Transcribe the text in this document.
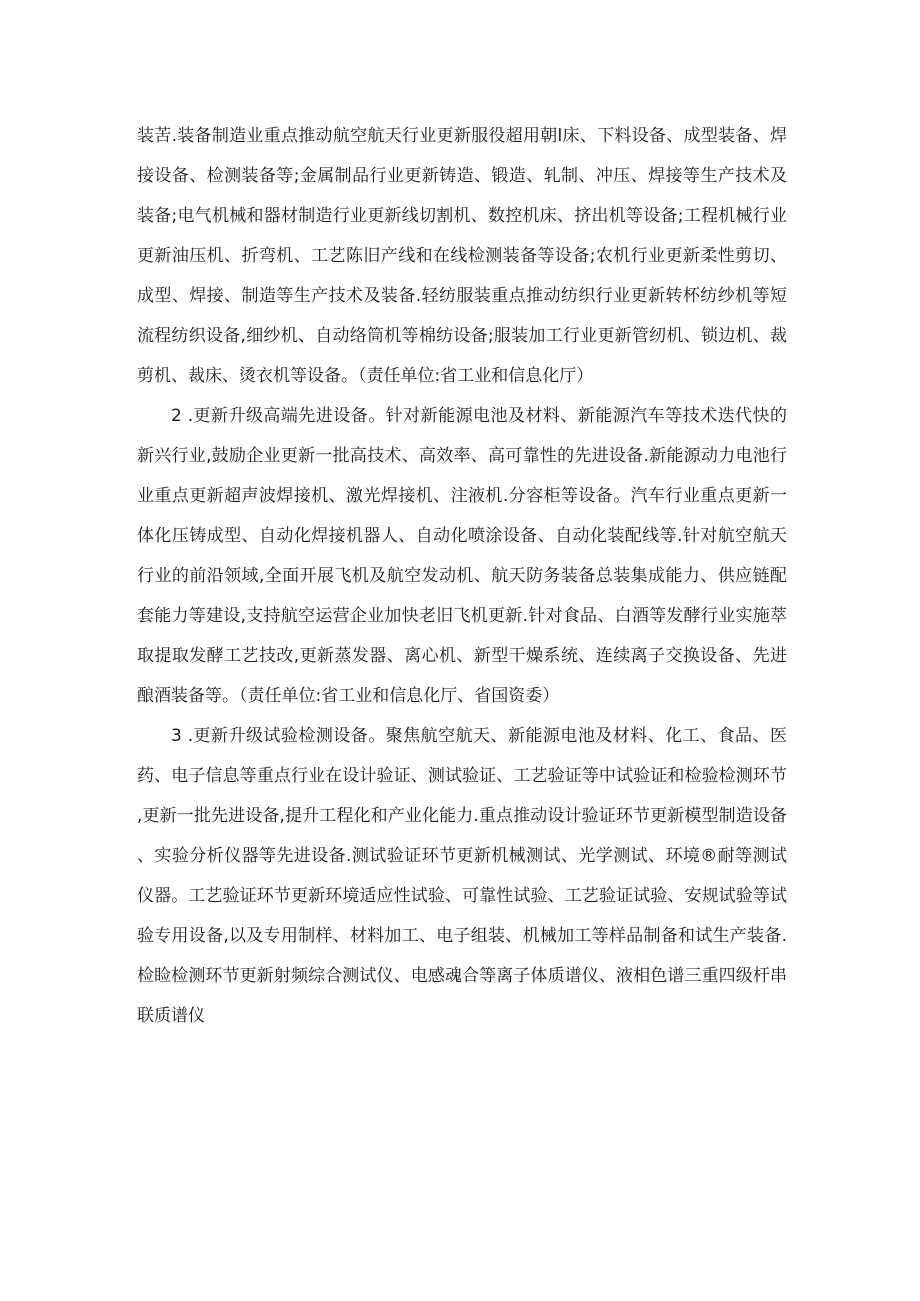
装苦.装备制造业重点推动航空航天行业更新服役超用朝l床、下料设备、成型装备、焊接设备、检测装备等;金属制品行业更新铸造、锻造、轧制、冲压、焊接等生产技术及装备;电气机械和器材制造行业更新线切割机、数控机床、挤出机等设备;工程机械行业更新油压机、折弯机、工艺陈旧产线和在线检测装备等设备;农机行业更新柔性剪切、成型、焊接、制造等生产技术及装备.轻纺服装重点推动纺织行业更新转杯纺纱机等短流程纺织设备,细纱机、自动络筒机等棉纺设备;服装加工行业更新管纫机、锁边机、裁剪机、裁床、烫衣机等设备。（责任单位:省工业和信息化厅）

2 .更新升级高端先进设备。针对新能源电池及材料、新能源汽车等技术迭代快的新兴行业,鼓励企业更新一批高技术、高效率、高可靠性的先进设备.新能源动力电池行业重点更新超声波焊接机、激光焊接机、注液机.分容柜等设备。汽车行业重点更新一体化压铸成型、自动化焊接机器人、自动化喷涂设备、自动化装配线等.针对航空航天行业的前沿领域,全面开展飞机及航空发动机、航天防务装备总装集成能力、供应链配套能力等建设,支持航空运营企业加快老旧飞机更新.针对食品、白酒等发酵行业实施萃取提取发酵工艺技改,更新蒸发器、离心机、新型干燥系统、连续离子交换设备、先进酿酒装备等。（责任单位:省工业和信息化厅、省国资委）

3 .更新升级试验检测设备。聚焦航空航天、新能源电池及材料、化工、食品、医药、电子信息等重点行业在设计验证、测试验证、工艺验证等中试验证和检验检测环节,更新一批先进设备,提升工程化和产业化能力.重点推动设计验证环节更新模型制造设备、实验分析仪器等先进设备.测试验证环节更新机械测试、光学测试、环境®耐等测试仪器。工艺验证环节更新环境适应性试验、可靠性试验、工艺验证试验、安规试验等试验专用设备,以及专用制样、材料加工、电子组装、机械加工等样品制备和试生产装备.检睑检测环节更新射频综合测试仪、电感魂合等离子体质谱仪、液相色谱三重四级杆串联质谱仪
